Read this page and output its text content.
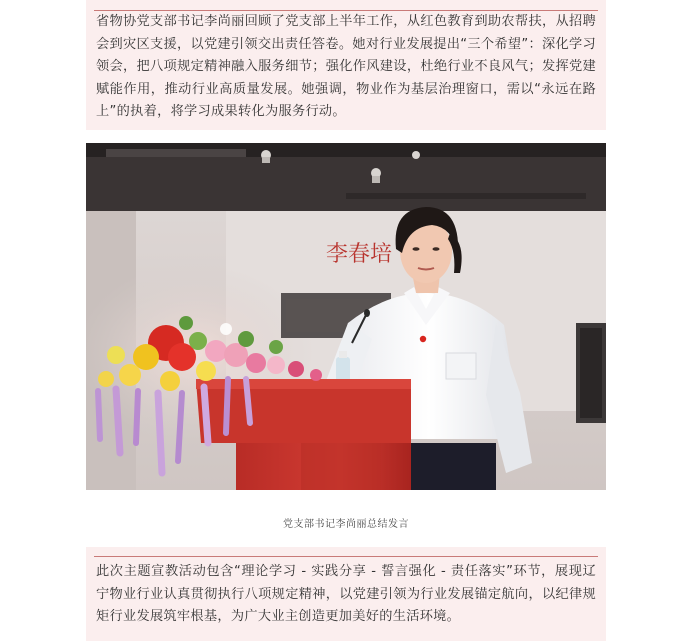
省物协党支部书记李尚丽回顾了党支部上半年工作，从红色教育到助农帮扶，从招聘会到灾区支援，以党建引领交出责任答卷。她对行业发展提出“三个希望”：深化学习领会，把八项规定精神融入服务细节；强化作风建设，杜绝行业不良风气；发挥党建赋能作用，推动行业高质量发展。她强调，物业作为基层治理窗口，需以“永远在路上”的执着，将学习成果转化为服务行动。

李春培
党支部书记李尚丽总结发言

此次主题宣教活动包含“理论学习 - 实践分享 - 誓言强化 - 责任落实”环节，展现辽宁物业行业认真贯彻执行八项规定精神，以党建引领为行业发展锚定航向，以纪律规矩行业发展筑牢根基，为广大业主创造更加美好的生活环境。
